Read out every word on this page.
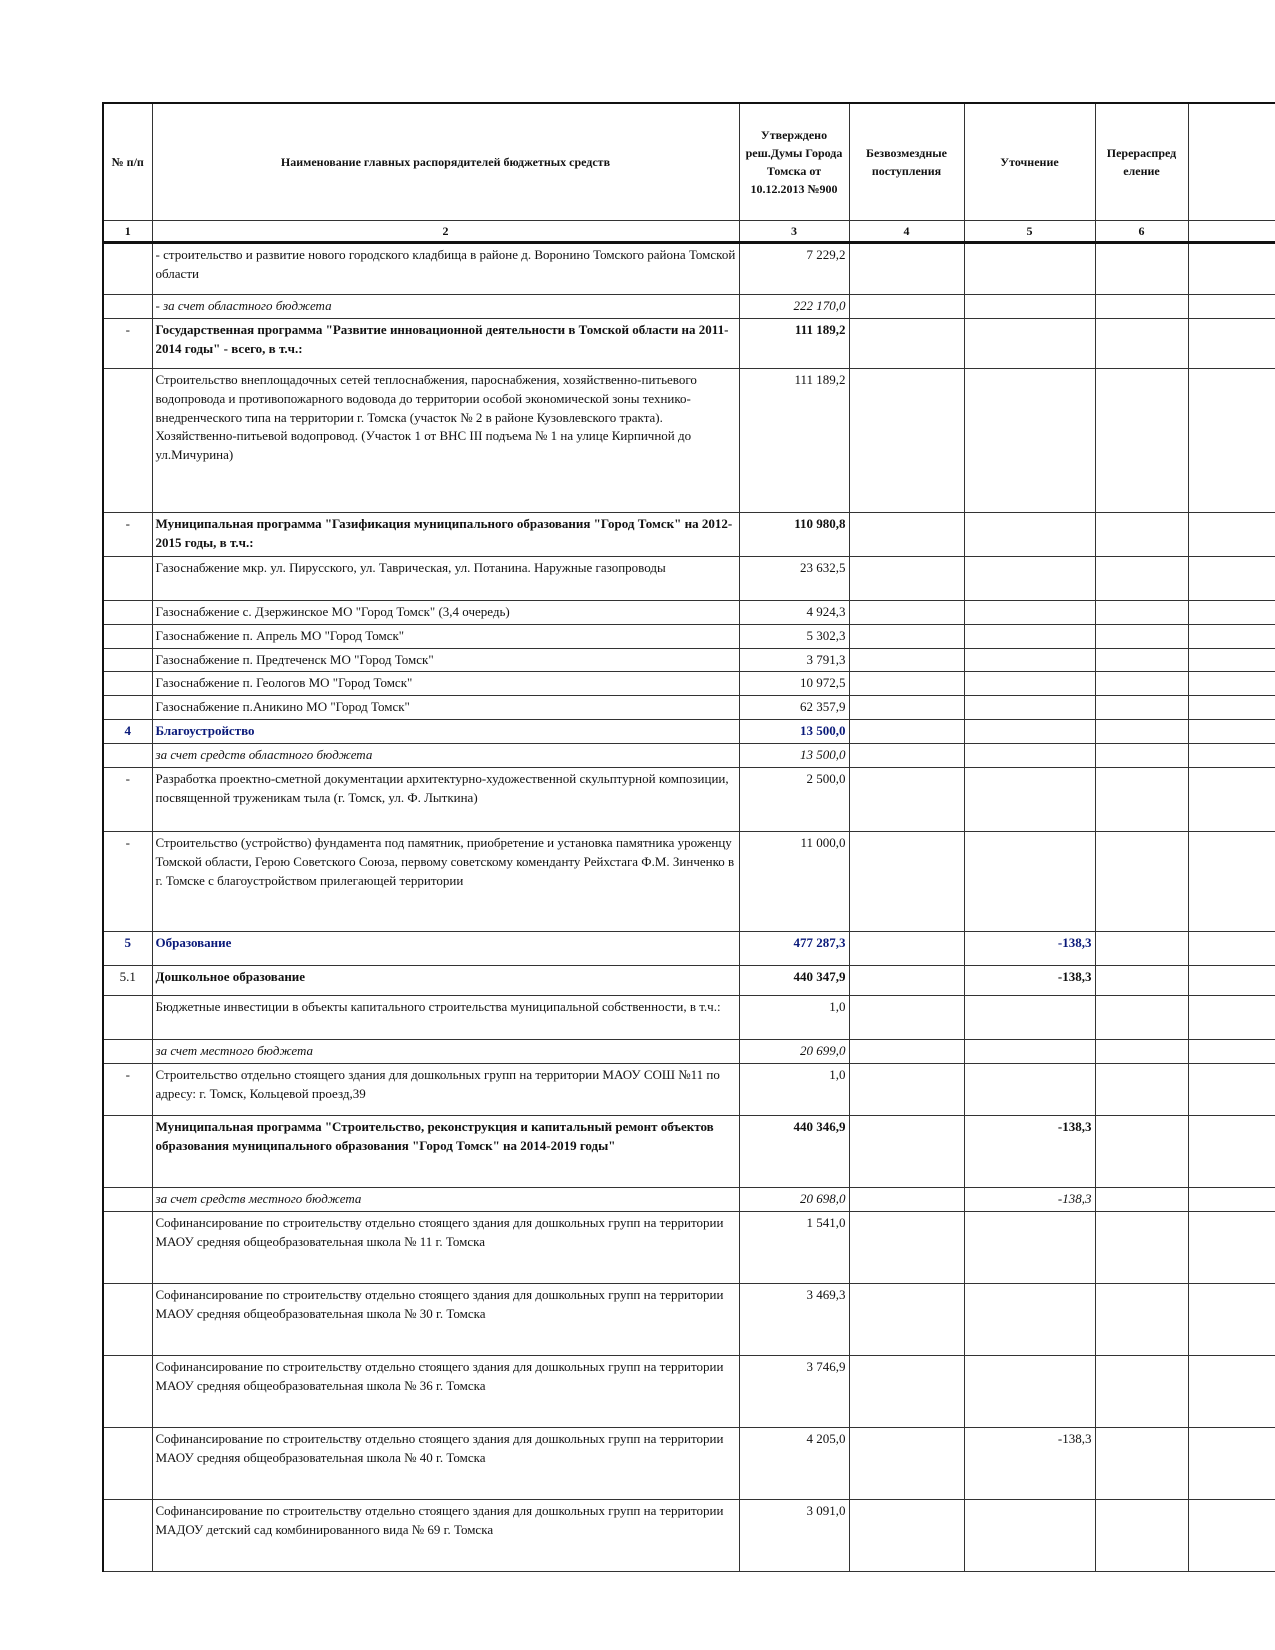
№ п/п	Наименование главных распорядителей бюджетных средств	Утверждено реш.Думы Города Томска от 10.12.2013 №900	Безвозмездные поступления	Уточнение	Перераспред еление	
1	2	3	4	5	6	
	- строительство и развитие нового городского кладбища в районе д. Воронино Томского района Томской области	7 229,2				
	- за счет областного бюджета	222 170,0				
-	Государственная программа "Развитие инновационной деятельности в Томской области на 2011-2014 годы" - всего, в т.ч.:	111 189,2				
	Строительство внеплощадочных сетей теплоснабжения, пароснабжения, хозяйственно-питьевого водопровода и противопожарного водовода до территории особой экономической зоны технико-внедренческого типа на территории г. Томска (участок № 2 в районе Кузовлевского тракта). Хозяйственно-питьевой водопровод. (Участок 1 от ВНС III подъема № 1 на улице Кирпичной до ул.Мичурина)	111 189,2				
-	Муниципальная программа "Газификация муниципального образования "Город Томск" на 2012-2015 годы, в т.ч.:	110 980,8				
	Газоснабжение мкр. ул. Пирусского, ул. Таврическая, ул. Потанина. Наружные газопроводы	23 632,5				
	Газоснабжение с. Дзержинское МО "Город Томск" (3,4 очередь)	4 924,3				
	Газоснабжение п. Апрель МО "Город Томск"	5 302,3				
	Газоснабжение п. Предтеченск МО "Город Томск"	3 791,3				
	Газоснабжение п. Геологов МО "Город Томск"	10 972,5				
	Газоснабжение п.Аникино МО "Город Томск"	62 357,9				
4	Благоустройство	13 500,0				
	за счет средств областного бюджета	13 500,0				
-	Разработка проектно-сметной документации архитектурно-художественной скульптурной композиции, посвященной труженикам тыла (г. Томск, ул. Ф. Лыткина)	2 500,0				
-	Строительство (устройство) фундамента под памятник, приобретение и установка памятника уроженцу Томской области, Герою Советского Союза, первому советскому коменданту Рейхстага Ф.М. Зинченко в г. Томске с благоустройством прилегающей территории	11 000,0				
5	Образование	477 287,3		-138,3		
5.1	Дошкольное образование	440 347,9		-138,3		
	Бюджетные инвестиции в объекты капитального строительства муниципальной собственности, в т.ч.:	1,0				
	за счет местного бюджета	20 699,0				
-	Строительство отдельно стоящего здания для дошкольных групп на территории МАОУ СОШ №11 по адресу: г. Томск, Кольцевой проезд,39	1,0				
	Муниципальная программа "Строительство, реконструкция и капитальный ремонт объектов образования муниципального образования "Город Томск" на 2014-2019 годы"	440 346,9		-138,3		
	за счет средств местного бюджета	20 698,0		-138,3		
	Софинансирование по строительству отдельно стоящего здания для дошкольных групп на территории МАОУ средняя общеобразовательная школа № 11 г. Томска	1 541,0				
	Софинансирование по строительству отдельно стоящего здания для дошкольных групп на территории МАОУ средняя общеобразовательная школа № 30 г. Томска	3 469,3				
	Софинансирование по строительству отдельно стоящего здания для дошкольных групп на территории МАОУ средняя общеобразовательная школа № 36 г. Томска	3 746,9				
	Софинансирование по строительству отдельно стоящего здания для дошкольных групп на территории МАОУ средняя общеобразовательная школа № 40 г. Томска	4 205,0		-138,3		
	Софинансирование по строительству отдельно стоящего здания для дошкольных групп на территории МАДОУ детский сад комбинированного вида № 69 г. Томска	3 091,0				
